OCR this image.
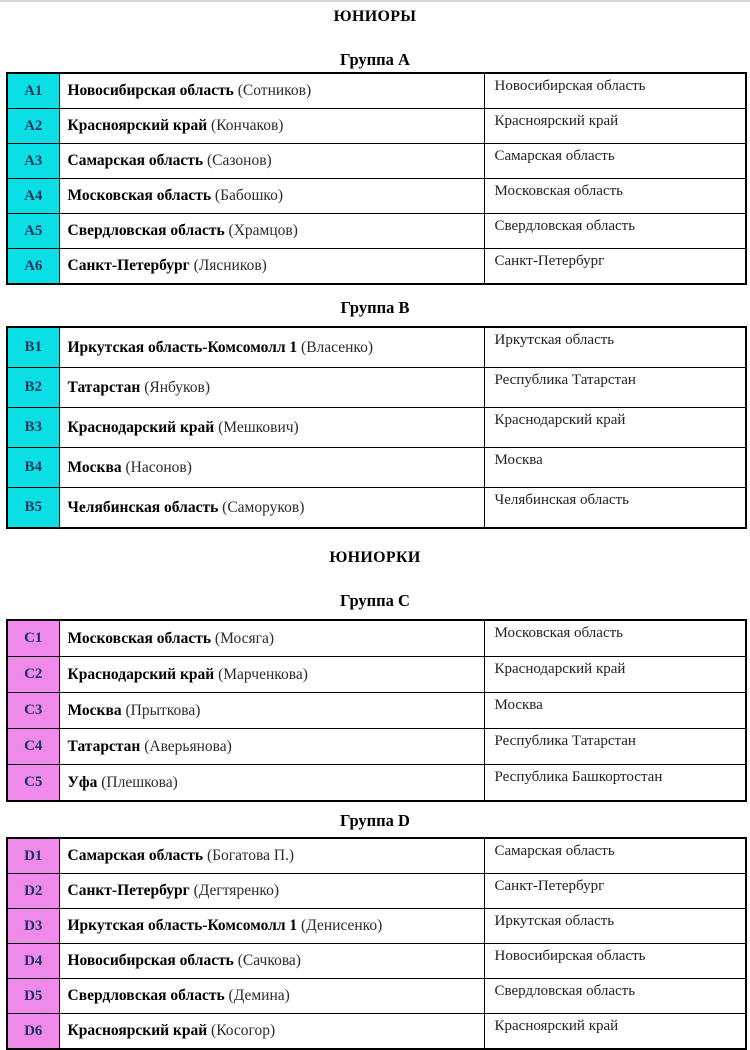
ЮНИОРЫ
Группа A
A1	Новосибирская область (Сотников)	Новосибирская область
A2	Красноярский край (Кончаков)	Красноярский край
A3	Самарская область (Сазонов)	Самарская область
A4	Московская область (Бабошко)	Московская область
A5	Свердловская область (Храмцов)	Свердловская область
A6	Санкт-Петербург (Лясников)	Санкт-Петербург
Группа B
B1	Иркутская область-Комсомолл 1 (Власенко)	Иркутская область
B2	Татарстан (Янбуков)	Республика Татарстан
B3	Краснодарский край (Мешкович)	Краснодарский край
B4	Москва (Насонов)	Москва
B5	Челябинская область (Саморуков)	Челябинская область
ЮНИОРКИ
Группа C
C1	Московская область (Мосяга)	Московская область
C2	Краснодарский край (Марченкова)	Краснодарский край
C3	Москва (Прыткова)	Москва
C4	Татарстан (Аверьянова)	Республика Татарстан
C5	Уфа (Плешкова)	Республика Башкортостан
Группа D
D1	Самарская область (Богатова П.)	Самарская область
D2	Санкт-Петербург (Дегтяренко)	Санкт-Петербург
D3	Иркутская область-Комсомолл 1 (Денисенко)	Иркутская область
D4	Новосибирская область (Сачкова)	Новосибирская область
D5	Свердловская область (Демина)	Свердловская область
D6	Красноярский край (Косогор)	Красноярский край
